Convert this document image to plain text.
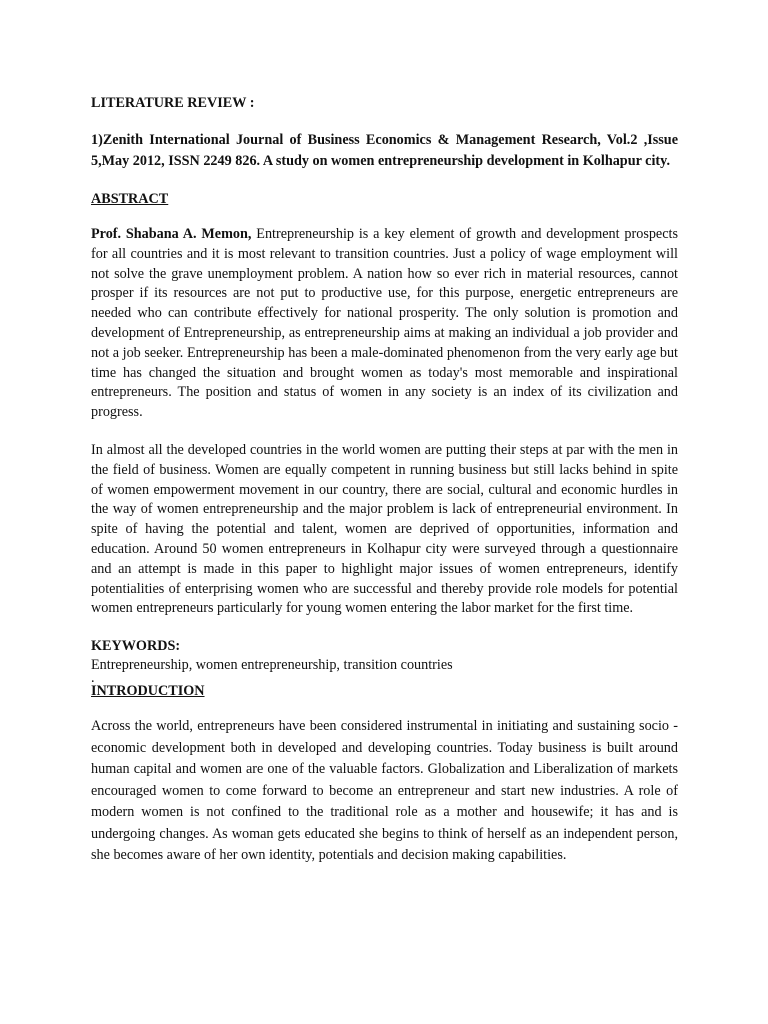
LITERATURE REVIEW :

1)Zenith International Journal of Business Economics & Management Research, Vol.2 ,Issue 5,May 2012, ISSN 2249 826. A study on women entrepreneurship development in Kolhapur city.

ABSTRACT

Prof. Shabana A. Memon, Entrepreneurship is a key element of growth and development prospects for all countries and it is most relevant to transition countries. Just a policy of wage employment will not solve the grave unemployment problem. A nation how so ever rich in material resources, cannot prosper if its resources are not put to productive use, for this purpose, energetic entrepreneurs are needed who can contribute effectively for national prosperity. The only solution is promotion and development of Entrepreneurship, as entrepreneurship aims at making an individual a job provider and not a job seeker. Entrepreneurship has been a male-dominated phenomenon from the very early age but time has changed the situation and brought women as today's most memorable and inspirational entrepreneurs. The position and status of women in any society is an index of its civilization and progress.

In almost all the developed countries in the world women are putting their steps at par with the men in the field of business. Women are equally competent in running business but still lacks behind in spite of women empowerment movement in our country, there are social, cultural and economic hurdles in the way of women entrepreneurship and the major problem is lack of entrepreneurial environment. In spite of having the potential and talent, women are deprived of opportunities, information and education. Around 50 women entrepreneurs in Kolhapur city were surveyed through a questionnaire and an attempt is made in this paper to highlight major issues of women entrepreneurs, identify potentialities of enterprising women who are successful and thereby provide role models for potential women entrepreneurs particularly for young women entering the labor market for the first time.

KEYWORDS:

Entrepreneurship, women entrepreneurship, transition countries

.

INTRODUCTION

Across the world, entrepreneurs have been considered instrumental in initiating and sustaining socio - economic development both in developed and developing countries. Today business is built around human capital and women are one of the valuable factors. Globalization and Liberalization of markets encouraged women to come forward to become an entrepreneur and start new industries. A role of modern women is not confined to the traditional role as a mother and housewife; it has and is undergoing changes. As woman gets educated she begins to think of herself as an independent person, she becomes aware of her own identity, potentials and decision making capabilities.
